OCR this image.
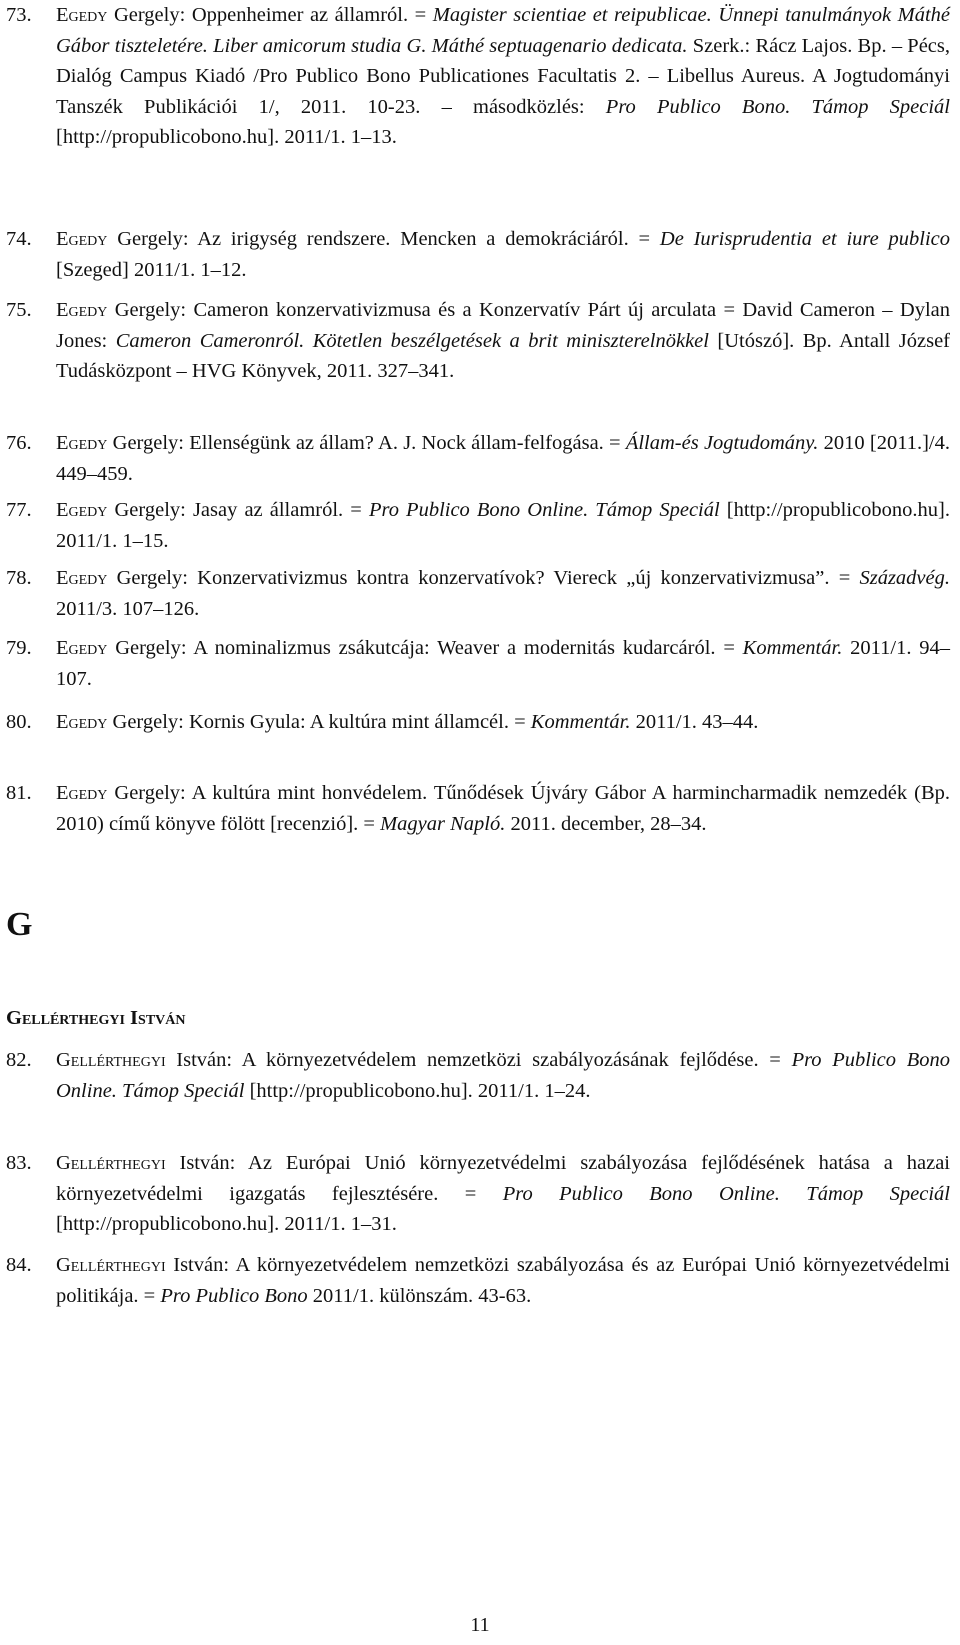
73. Egedy Gergely: Oppenheimer az államról. = Magister scientiae et reipublicae. Ünnepi tanulmányok Máthé Gábor tiszteletére. Liber amicorum studia G. Máthé septuagenario dedicata. Szerk.: Rácz Lajos. Bp. – Pécs, Dialóg Campus Kiadó /Pro Publico Bono Publicationes Facultatis 2. – Libellus Aureus. A Jogtudományi Tanszék Publikációi 1/, 2011. 10-23. – másodközlés: Pro Publico Bono. Támop Speciál [http://propublicobono.hu]. 2011/1. 1–13.
74. Egedy Gergely: Az irigység rendszere. Mencken a demokráciáról. = De Iurisprudentia et iure publico [Szeged] 2011/1. 1–12.
75. Egedy Gergely: Cameron konzervativizmusa és a Konzervatív Párt új arculata = David Cameron – Dylan Jones: Cameron Cameronról. Kötetlen beszélgetések a brit miniszterelnökkel [Utószó]. Bp. Antall József Tudásközpont – HVG Könyvek, 2011. 327–341.
76. Egedy Gergely: Ellenségünk az állam? A. J. Nock állam-felfogása. = Állam-és Jogtudomány. 2010 [2011.]/4. 449–459.
77. Egedy Gergely: Jasay az államról. = Pro Publico Bono Online. Támop Speciál [http://propublicobono.hu]. 2011/1. 1–15.
78. Egedy Gergely: Konzervativizmus kontra konzervatívok? Viereck „új konzervativizmusa”. = Századvég. 2011/3. 107–126.
79. Egedy Gergely: A nominalizmus zsákutcája: Weaver a modernitás kudarcáról. = Kommentár. 2011/1. 94–107.
80. Egedy Gergely: Kornis Gyula: A kultúra mint államcél. = Kommentár. 2011/1. 43–44.
81. Egedy Gergely: A kultúra mint honvédelem. Tűnődések Újváry Gábor A harmincharmadik nemzedék (Bp. 2010) című könyve fölött [recenzió]. = Magyar Napló. 2011. december, 28–34.
G
Gellérthegyi István
82. Gellérthegyi István: A környezetvédelem nemzetközi szabályozásának fejlődése. = Pro Publico Bono Online. Támop Speciál [http://propublicobono.hu]. 2011/1. 1–24.
83. Gellérthegyi István: Az Európai Unió környezetvédelmi szabályozása fejlődésének hatása a hazai környezetvédelmi igazgatás fejlesztésére. = Pro Publico Bono Online. Támop Speciál [http://propublicobono.hu]. 2011/1. 1–31.
84. Gellérthegyi István: A környezetvédelem nemzetközi szabályozása és az Európai Unió környezetvédelmi politikája. = Pro Publico Bono 2011/1. különszám. 43-63.
11
